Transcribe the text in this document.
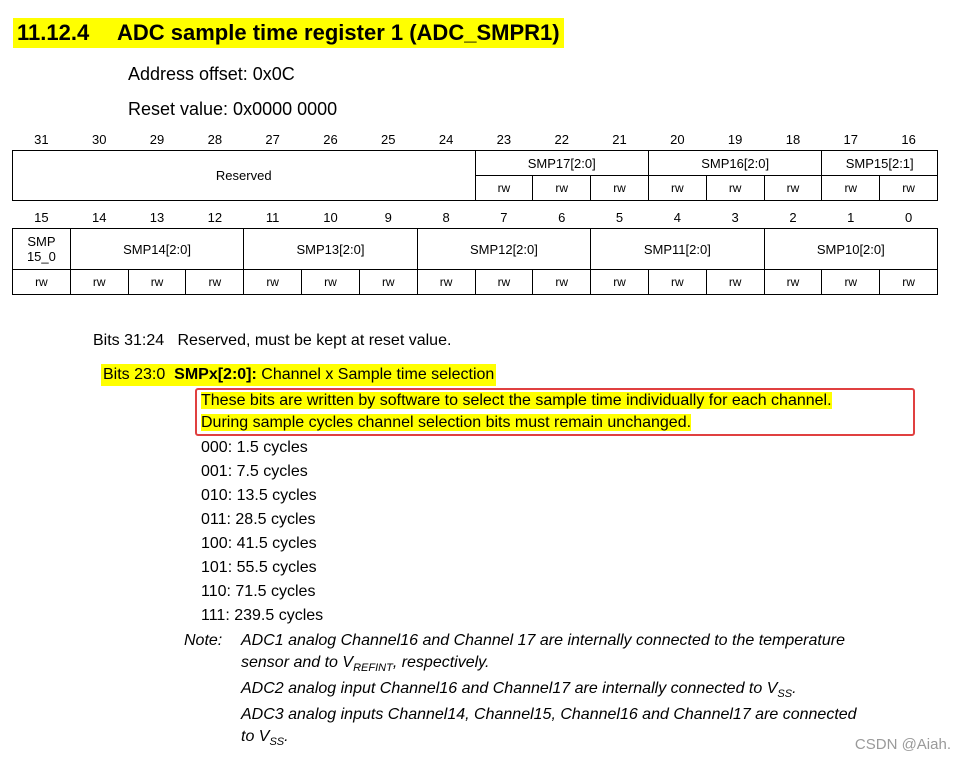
11.12.4 ADC sample time register 1 (ADC_SMPR1)
Address offset: 0x0C
Reset value: 0x0000 0000
31	30	29	28	27	26	25	24	23	22	21	20	19	18	17	16
Reserved								SMP17[2:0]			SMP16[2:0]			SMP15[2:1]	
								rw	rw	rw	rw	rw	rw	rw	rw
15	14	13	12	11	10	9	8	7	6	5	4	3	2	1	0
SMP
15_0	SMP14[2:0]			SMP13[2:0]			SMP12[2:0]			SMP11[2:0]			SMP10[2:0]		
rw	rw	rw	rw	rw	rw	rw	rw	rw	rw	rw	rw	rw	rw	rw	rw
Bits 31:24 Reserved, must be kept at reset value.
Bits 23:0 SMPx[2:0]: Channel x Sample time selection
These bits are written by software to select the sample time individually for each channel.
During sample cycles channel selection bits must remain unchanged.
000: 1.5 cycles
001: 7.5 cycles
010: 13.5 cycles
011: 28.5 cycles
100: 41.5 cycles
101: 55.5 cycles
110: 71.5 cycles
111: 239.5 cycles
Note: ADC1 analog Channel16 and Channel 17 are internally connected to the temperature
sensor and to $V_{REFINT}$, respectively.
ADC2 analog input Channel16 and Channel17 are internally connected to $V_{SS}$.
ADC3 analog inputs Channel14, Channel15, Channel16 and Channel17 are connected
to $V_{SS}$.	CSDN @Aiah.
